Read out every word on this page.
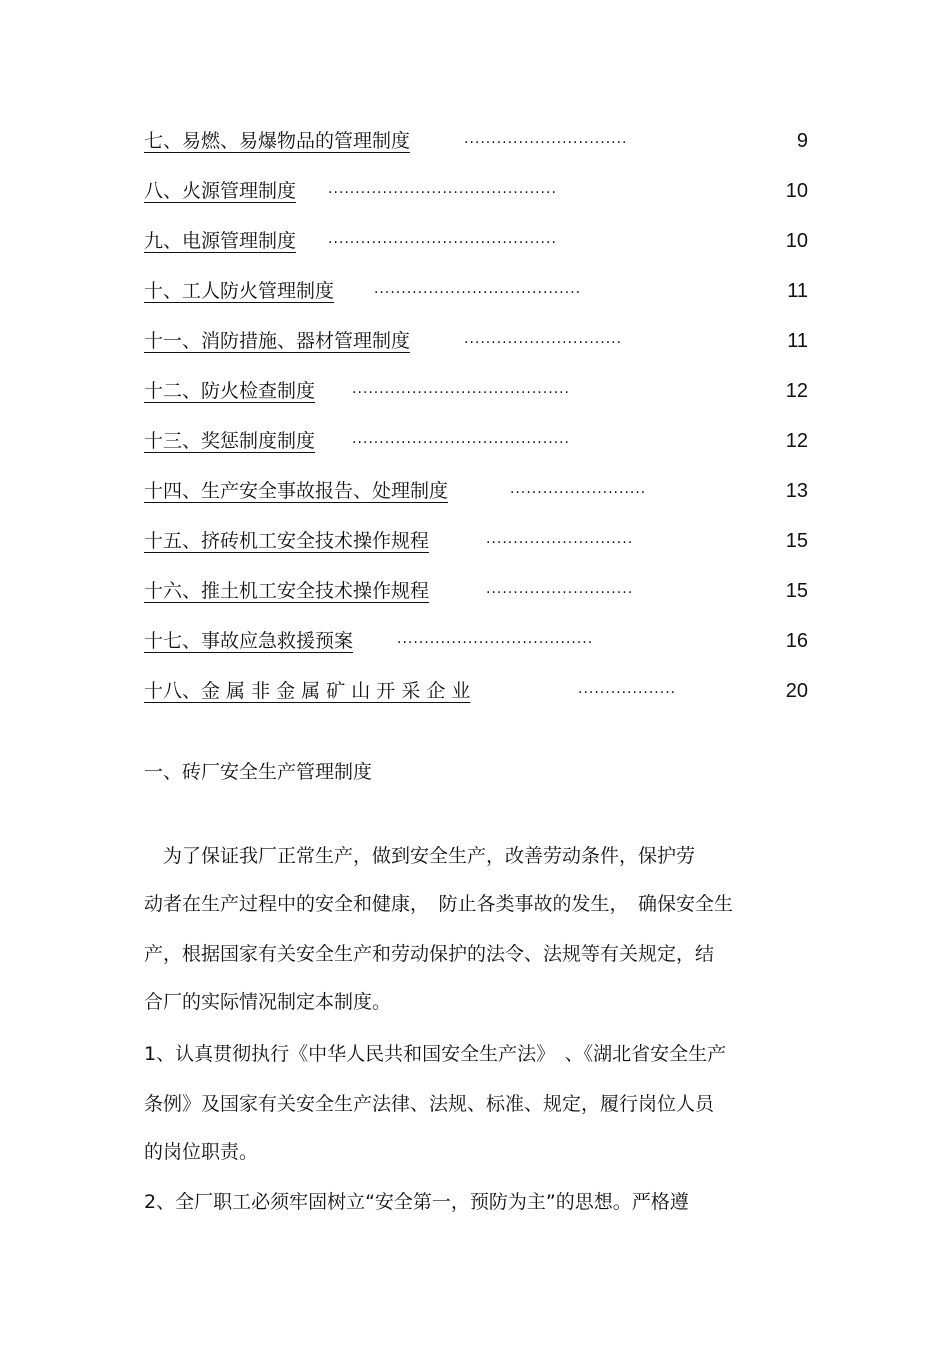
七、易燃、易爆物品的管理制度	..............................	9
八、火源管理制度 ..........................................	10
九、电源管理制度 ..........................................	10
十、工人防火管理制度	......................................	11
十一、消防措施、器材管理制度	.............................	11
十二、防火检查制度	........................................	12
十三、奖惩制度制度	........................................	12
十四、生产安全事故报告、处理制度	.........................	13
十五、挤砖机工安全技术操作规程	...........................	15
十六、推土机工安全技术操作规程	...........................	15
十七、事故应急救援预案	....................................	16
十八、金 属 非 金 属 矿 山 开 采 企 业	..................	20
一、砖厂安全生产管理制度
　为了保证我厂正常生产，做到安全生产，改善劳动条件，保护劳
动者在生产过程中的安全和健康，　防止各类事故的发生，　确保安全生
产，根据国家有关安全生产和劳动保护的法令、法规等有关规定，结
合厂的实际情况制定本制度。
1、认真贯彻执行《中华人民共和国安全生产法》　、《湖北省安全生产
条例》及国家有关安全生产法律、法规、标准、规定，履行岗位人员
的岗位职责。
2、全厂职工必须牢固树立“安全第一，预防为主”的思想。严格遵
